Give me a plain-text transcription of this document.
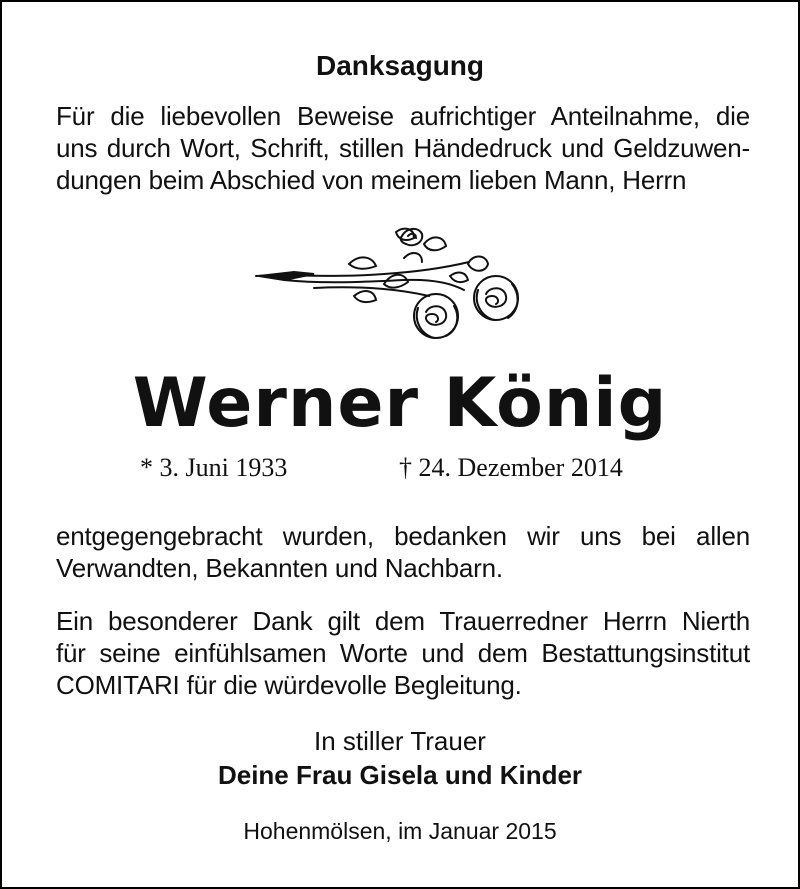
Danksagung
Für die liebevollen Beweise aufrichtiger Anteilnahme, die
uns durch Wort, Schrift, stillen Händedruck und Geldzuwen-
dungen beim Abschied von meinem lieben Mann, Herrn
Werner König
* 3. Juni 1933	† 24. Dezember 2014
entgegengebracht wurden, bedanken wir uns bei allen
Verwandten, Bekannten und Nachbarn.
Ein besonderer Dank gilt dem Trauerredner Herrn Nierth
für seine einfühlsamen Worte und dem Bestattungsinstitut
COMITARI für die würdevolle Begleitung.
In stiller Trauer
Deine Frau Gisela und Kinder
Hohenmölsen, im Januar 2015
